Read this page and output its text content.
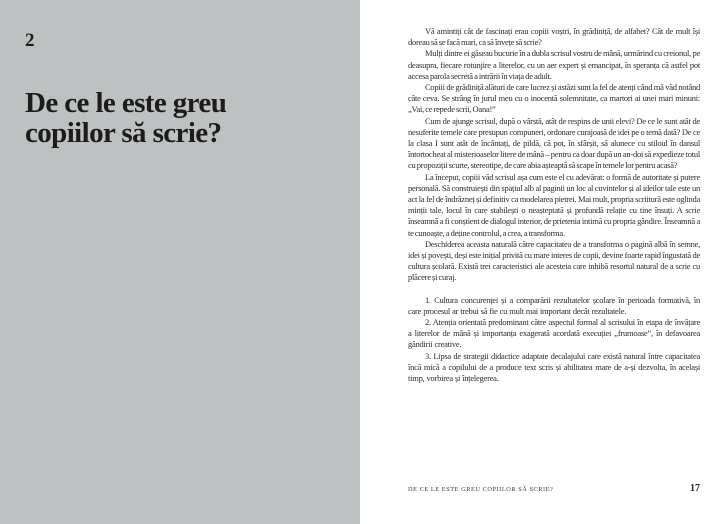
2
De ce le este greu
copiilor să scrie?

Vă amintiți cât de fascinați erau copiii voștri, în grădiniță, de alfabet? Cât de mult își doreau să se facă mari, ca să învețe să scrie?

Mulți dintre ei găseau bucurie în a dubla scrisul vostru de mână, urmărind cu creionul, pe deasupra, fiecare rotunjire a literelor, cu un aer expert și emancipat, în speranța că astfel pot accesa parola secretă a intrării în viața de adult.

Copiii de grădiniță alături de care lucrez și astăzi sunt la fel de atenți când mă văd notând câte ceva. Se strâng în jurul meu cu o inocentă solemnitate, ca martori ai unei mari minuni: „Vai, ce repede scrii, Oana!”

Cum de ajunge scrisul, după o vârstă, atât de respins de unii elevi? De ce le sunt atât de nesuferite temele care presupun compuneri, ordonare curajoasă de idei pe o temă dată? De ce la clasa I sunt atât de încântați, de pildă, că pot, în sfârșit, să alunece cu stiloul în dansul întortocheat al misterioaselor litere de mână – pentru ca doar după un an-doi să expedieze totul cu propoziții scurte, stereotipe, de care abia așteaptă să scape în temele lor pentru acasă?

La început, copiii văd scrisul așa cum este el cu adevărat: o formă de autoritate și putere personală. Să construiești din spațiul alb al paginii un loc al cuvintelor și al ideilor tale este un act la fel de îndrăzneț și definitiv ca modelarea pietrei. Mai mult, propria scriitură este oglinda minții tale, locul în care stabilești o neașteptată și profundă relație cu tine însuți. A scrie înseamnă a fi conștient de dialogul interior, de prietenia intimă cu propria gândire. Înseamnă a te cunoaște, a deține controlul, a crea, a transforma.

Deschiderea aceasta naturală către capacitatea de a transforma o pagină albă în semne, idei și povești, deși este inițial privită cu mare interes de copii, devine foarte rapid îngustată de cultura școlară. Există trei caracteristici ale acesteia care inhibă resortul natural de a scrie cu plăcere și curaj.

1. Cultura concurenței și a comparării rezultatelor școlare în perioada formativă, în care procesul ar trebui să fie cu mult mai important decât rezultatele.

2. Atenția orientată predominant către aspectul formal al scrisului în etapa de învățare a literelor de mână și importanța exagerată acordată execuției „frumoase”, în defavoarea gândirii creative.

3. Lipsa de strategii didactice adaptate decalajului care există natural între capacitatea încă mică a copilului de a produce text scris și abilitatea mare de a-și dezvolta, în același timp, vorbirea și înțelegerea.

DE CE LE ESTE GREU COPIILOR SĂ SCRIE?	17
